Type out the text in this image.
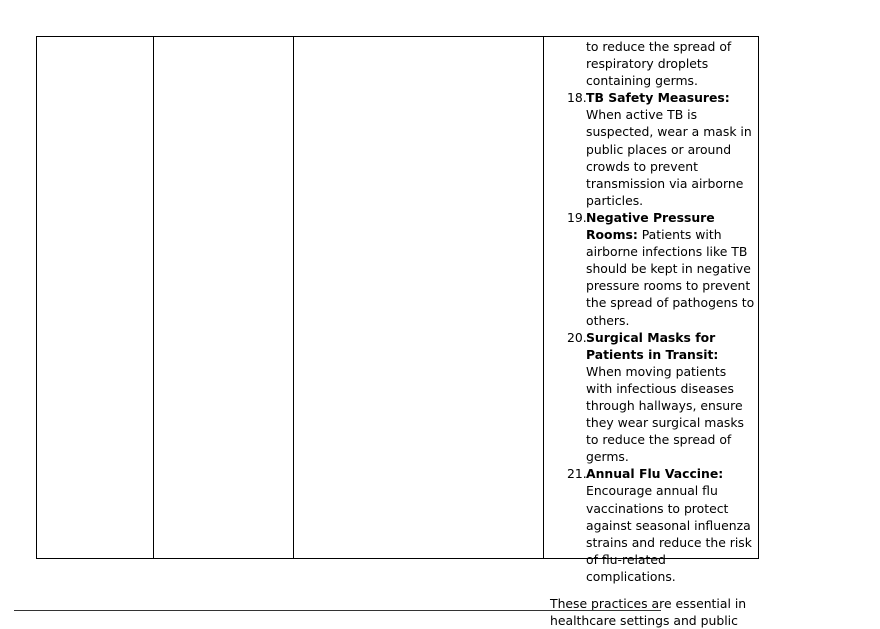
to reduce the spread of respiratory droplets containing germs.
18. TB Safety Measures: When active TB is suspected, wear a mask in public places or around crowds to prevent transmission via airborne particles.
19. Negative Pressure Rooms: Patients with airborne infections like TB should be kept in negative pressure rooms to prevent the spread of pathogens to others.
20. Surgical Masks for Patients in Transit: When moving patients with infectious diseases through hallways, ensure they wear surgical masks to reduce the spread of germs.
21. Annual Flu Vaccine: Encourage annual flu vaccinations to protect against seasonal influenza strains and reduce the risk of flu-related complications.
These practices are essential in healthcare settings and public
